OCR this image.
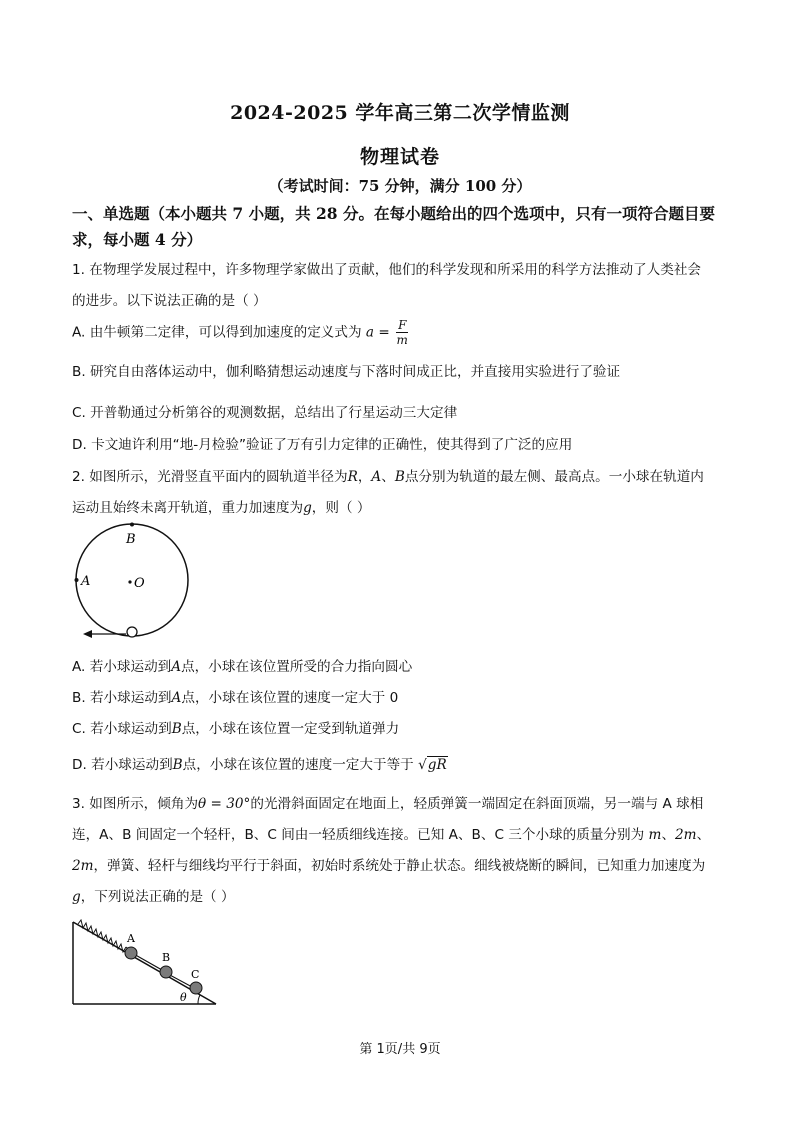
2024-2025 学年高三第二次学情监测
物理试卷
（考试时间：75 分钟，满分 100 分）
一、单选题（本小题共 7 小题，共 28 分。在每小题给出的四个选项中，只有一项符合题目要求，每小题 4 分）
1. 在物理学发展过程中，许多物理学家做出了贡献，他们的科学发现和所采用的科学方法推动了人类社会
的进步。以下说法正确的是（ ）
A. 由牛顿第二定律，可以得到加速度的定义式为 $a = \frac{F}{m}$
B. 研究自由落体运动中，伽利略猜想运动速度与下落时间成正比，并直接用实验进行了验证
C. 开普勒通过分析第谷的观测数据，总结出了行星运动三大定律
D. 卡文迪许利用“地-月检验”验证了万有引力定律的正确性，使其得到了广泛的应用
2. 如图所示，光滑竖直平面内的圆轨道半径为R，A、B点分别为轨道的最左侧、最高点。一小球在轨道内
运动且始终未离开轨道，重力加速度为g，则（ ）
B
A	O
A. 若小球运动到A点，小球在该位置所受的合力指向圆心
B. 若小球运动到A点，小球在该位置的速度一定大于 0
C. 若小球运动到B点，小球在该位置一定受到轨道弹力
D. 若小球运动到B点，小球在该位置的速度一定大于等于 √gR
3. 如图所示，倾角为θ = 30°的光滑斜面固定在地面上，轻质弹簧一端固定在斜面顶端，另一端与 A 球相
连，A、B 间固定一个轻杆，B、C 间由一轻质细线连接。已知 A、B、C 三个小球的质量分别为 m、2m、
2m，弹簧、轻杆与细线均平行于斜面，初始时系统处于静止状态。细线被烧断的瞬间，已知重力加速度为
g，下列说法正确的是（ ）
A
B
C
θ
第 1页/共 9页
